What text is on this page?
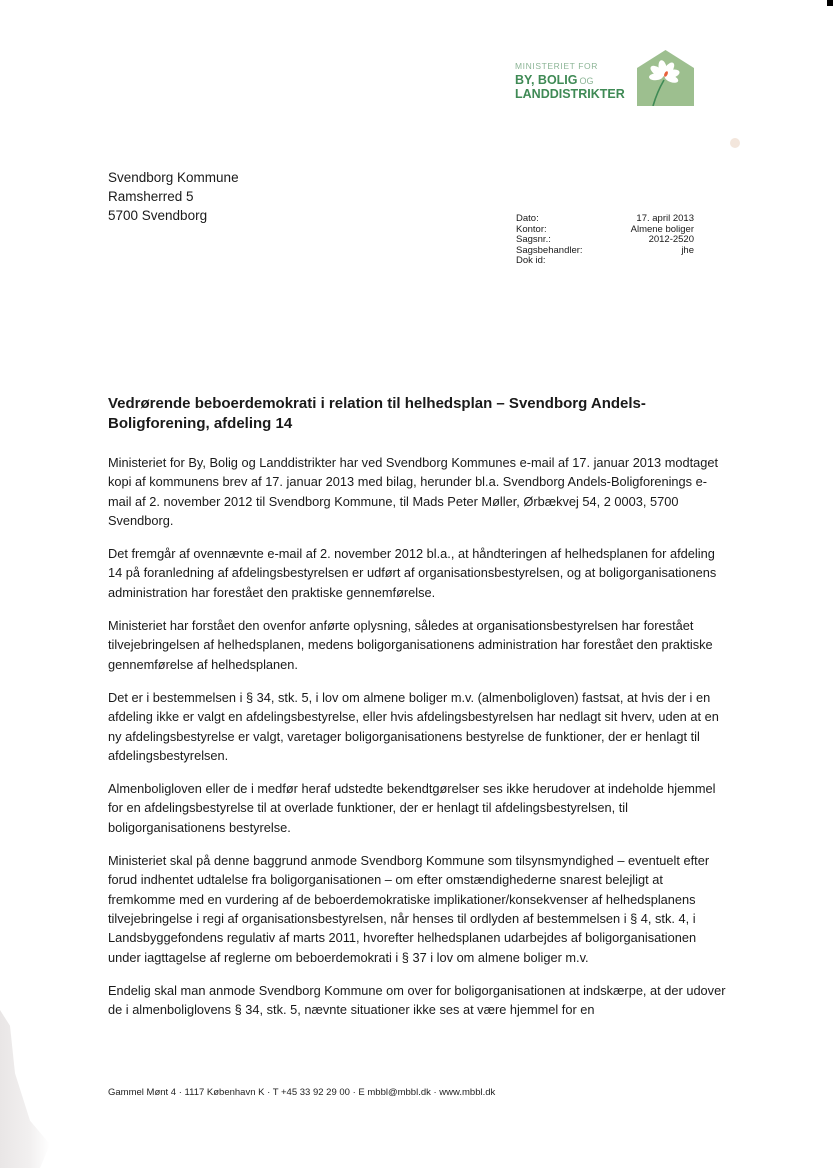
MINISTERIET FOR
BY, BOLIG OG
LANDDISTRIKTER
Svendborg Kommune
Ramsherred 5
5700 Svendborg	Dato:	17. april 2013
Kontor:	Almene boliger
Sagsnr.:	2012-2520
Sagsbehandler:	jhe
Dok id:
Vedrørende beboerdemokrati i relation til helhedsplan – Svendborg Andels-Boligforening, afdeling 14

Ministeriet for By, Bolig og Landdistrikter har ved Svendborg Kommunes e-mail af 17. januar 2013 modtaget kopi af kommunens brev af 17. januar 2013 med bilag, herunder bl.a. Svendborg Andels-Boligforenings e-mail af 2. november 2012 til Svendborg Kommune, til Mads Peter Møller, Ørbækvej 54, 2 0003, 5700 Svendborg.

Det fremgår af ovennævnte e-mail af 2. november 2012 bl.a., at håndteringen af helhedsplanen for afdeling 14 på foranledning af afdelingsbestyrelsen er udført af organisationsbestyrelsen, og at boligorganisationens administration har forestået den praktiske gennemførelse.

Ministeriet har forstået den ovenfor anførte oplysning, således at organisationsbestyrelsen har forestået tilvejebringelsen af helhedsplanen, medens boligorganisationens administration har forestået den praktiske gennemførelse af helhedsplanen.

Det er i bestemmelsen i § 34, stk. 5, i lov om almene boliger m.v. (almenboligloven) fastsat, at hvis der i en afdeling ikke er valgt en afdelingsbestyrelse, eller hvis afdelingsbestyrelsen har nedlagt sit hverv, uden at en ny afdelingsbestyrelse er valgt, varetager boligorganisationens bestyrelse de funktioner, der er henlagt til afdelingsbestyrelsen.

Almenboligloven eller de i medfør heraf udstedte bekendtgørelser ses ikke herudover at indeholde hjemmel for en afdelingsbestyrelse til at overlade funktioner, der er henlagt til afdelingsbestyrelsen, til boligorganisationens bestyrelse.

Ministeriet skal på denne baggrund anmode Svendborg Kommune som tilsynsmyndighed – eventuelt efter forud indhentet udtalelse fra boligorganisationen – om efter omstændighederne snarest belejligt at fremkomme med en vurdering af de beboerdemokratiske implikationer/konsekvenser af helhedsplanens tilvejebringelse i regi af organisationsbestyrelsen, når henses til ordlyden af bestemmelsen i § 4, stk. 4, i Landsbyggefondens regulativ af marts 2011, hvorefter helhedsplanen udarbejdes af boligorganisationen under iagttagelse af reglerne om beboerdemokrati i § 37 i lov om almene boliger m.v.

Endelig skal man anmode Svendborg Kommune om over for boligorganisationen at indskærpe, at der udover de i almenboliglovens § 34, stk. 5, nævnte situationer ikke ses at være hjemmel for en

Gammel Mønt 4 · 1117 København K · T +45 33 92 29 00 · E mbbl@mbbl.dk · www.mbbl.dk
